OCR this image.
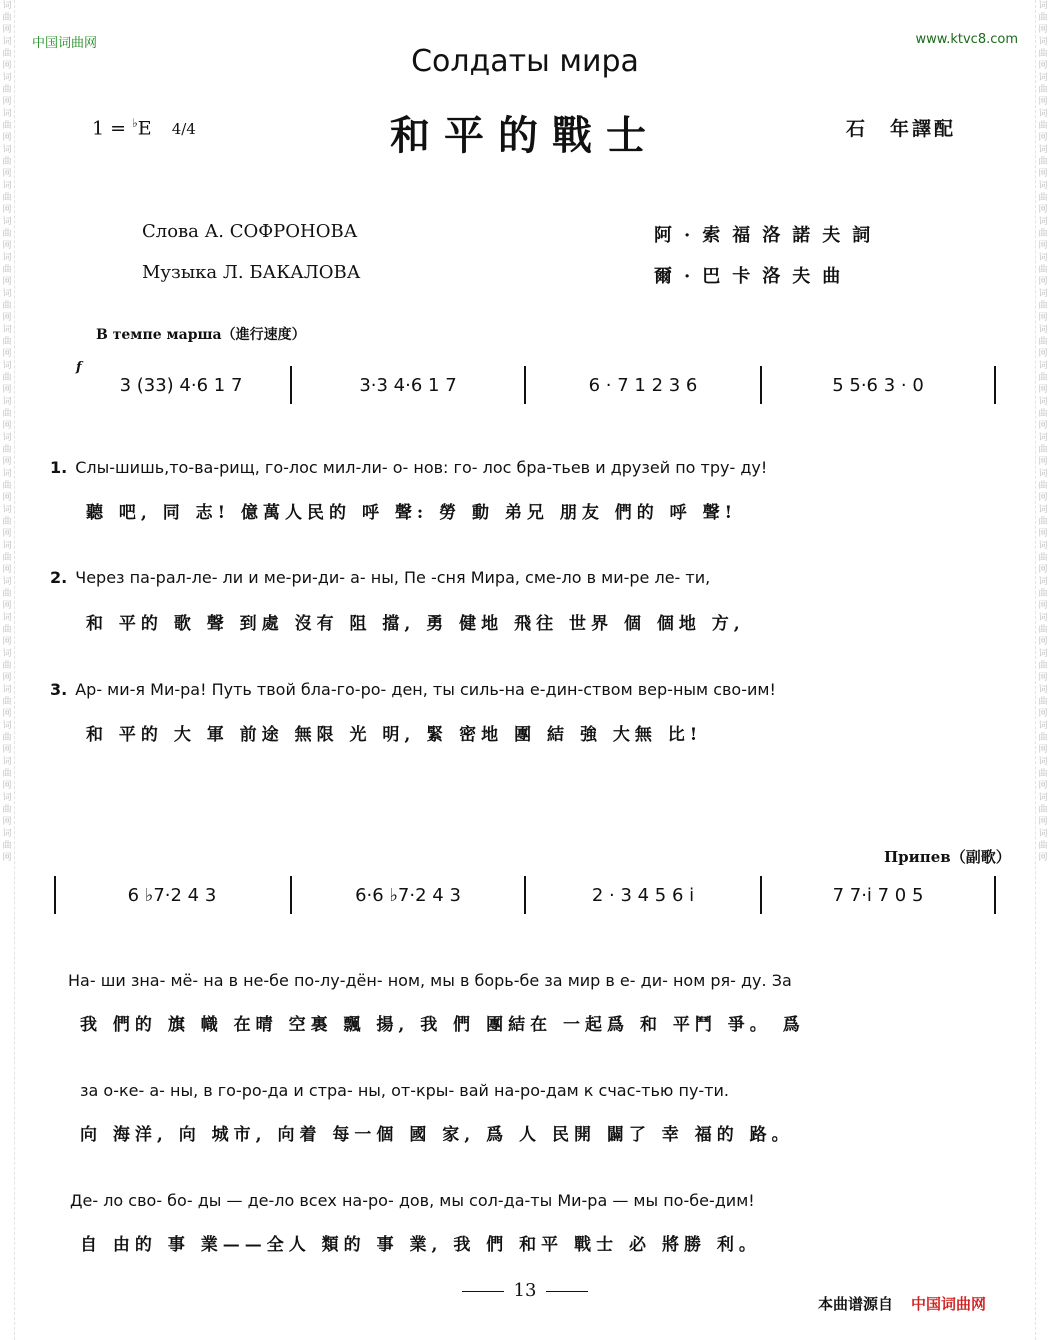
词曲网词曲网词曲网词曲网词曲网词曲网词曲网词曲网词曲网词曲网词曲网词曲网词曲网词曲网词曲网词曲网词曲网词曲网词曲网词曲网词曲网词曲网词曲网词曲网
词曲网词曲网词曲网词曲网词曲网词曲网词曲网词曲网词曲网词曲网词曲网词曲网词曲网词曲网词曲网词曲网词曲网词曲网词曲网词曲网词曲网词曲网词曲网词曲网
中国词曲网	www.ktvc8.com
Солдаты мира
和平的戰士
1 = ♭E 4/4	石　年譯配
Слова А. СОФРОНОВА
Музыка Л. БАКАЛОВА
阿·索福洛諾夫詞
爾·巴卡洛夫曲
В темпе марша（進行速度）
f
3 (33) 4·6 1 7	3·3 4·6 1 7	6 · 7 1 2 3 6	5 5·6 3 · 0
1. Слы-шишь,то-ва-рищ, го-лос мил-ли- о- нов: го- лос бра-тьев и друзей по тру- ду!
聽 吧, 同 志! 億萬人民的 呼 聲: 勞 動 弟兄 朋友 們的 呼 聲!
2. Через па-рал-ле- ли и ме-ри-ди- а- ны, Пе -сня Мира, сме-ло в ми-ре ле- ти,
和 平的 歌 聲 到處 沒有 阻 擋, 勇 健地 飛往 世界 個 個地 方,
3. Ар- ми-я Ми-ра! Путь твой бла-го-ро- ден, ты силь-на е-дин-ством вер-ным сво-им!
和 平的 大 軍 前途 無限 光 明, 緊 密地 團 結 強 大無 比!
Припев（副歌）
6 ♭7·2 4 3	6·6 ♭7·2 4 3	2 · 3 4 5 6 i	7 7·i 7 0 5
На- ши зна- мё- на в не-бе по-лу-дён- ном, мы в борь-бе за мир в е- ди- ном ря- ду. За
我 們的 旗 幟 在晴 空裏 飄 揚, 我 們 團結在 一起爲 和 平鬥 爭。 爲
за о-ке- а- ны, в го-ро-да и стра- ны, от-кры- вай на-ро-дам к счас-тью пу-ти.
向 海洋, 向 城市, 向着 每一個 國 家, 爲 人 民開 闢了 幸 福的 路。
Де- ло сво- бо- ды — де-ло всех на-ро- дов, мы сол-да-ты Ми-ра — мы по-бе-дим!
自 由的 事 業——全人 類的 事 業, 我 們 和平 戰士 必 將勝 利。
13
本曲谱源自 中国词曲网
